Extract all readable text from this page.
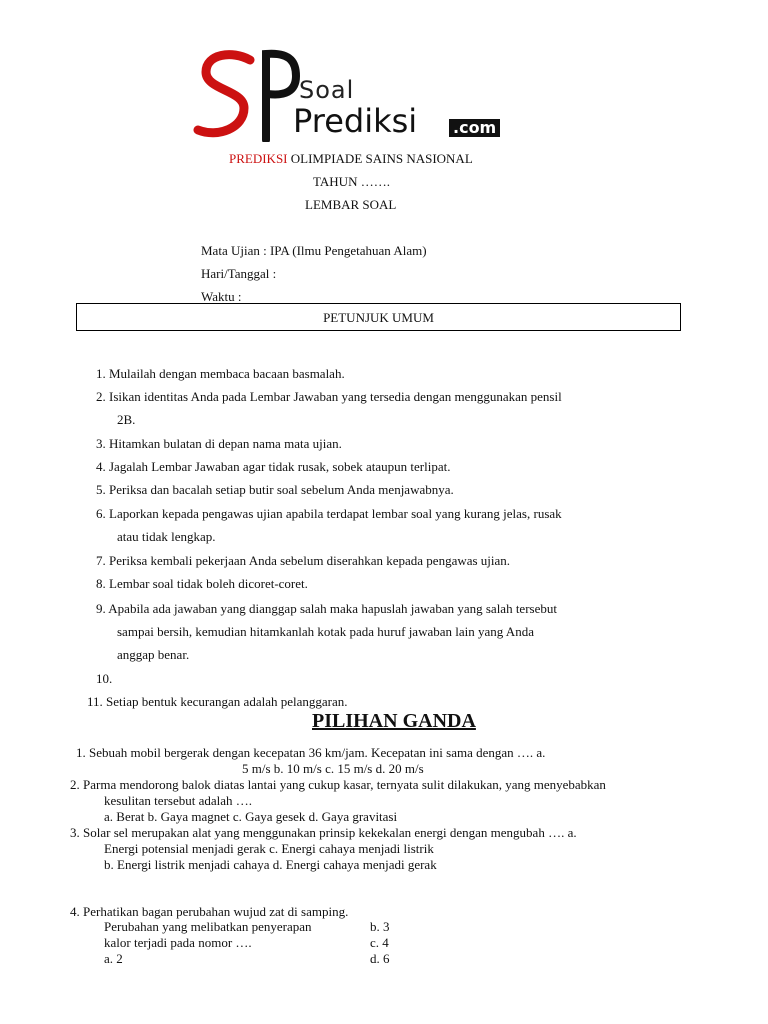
Soal
Prediksi .com
PREDIKSI OLIMPIADE SAINS NASIONAL
TAHUN …….
LEMBAR SOAL
Mata Ujian : IPA (Ilmu Pengetahuan Alam)
Hari/Tanggal :
Waktu :
PETUNJUK UMUM
1. Mulailah dengan membaca bacaan basmalah.
2. Isikan identitas Anda pada Lembar Jawaban yang tersedia dengan menggunakan pensil
2B.
3. Hitamkan bulatan di depan nama mata ujian.
4. Jagalah Lembar Jawaban agar tidak rusak, sobek ataupun terlipat.
5. Periksa dan bacalah setiap butir soal sebelum Anda menjawabnya.
6. Laporkan kepada pengawas ujian apabila terdapat lembar soal yang kurang jelas, rusak
atau tidak lengkap.
7. Periksa kembali pekerjaan Anda sebelum diserahkan kepada pengawas ujian.
8. Lembar soal tidak boleh dicoret-coret.
9. Apabila ada jawaban yang dianggap salah maka hapuslah jawaban yang salah tersebut
sampai bersih, kemudian hitamkanlah kotak pada huruf jawaban lain yang Anda
anggap benar.
10.
11. Setiap bentuk kecurangan adalah pelanggaran.
PILIHAN GANDA
1. Sebuah mobil bergerak dengan kecepatan 36 km/jam. Kecepatan ini sama dengan …. a.
5 m/s b. 10 m/s c. 15 m/s d. 20 m/s
2. Parma mendorong balok diatas lantai yang cukup kasar, ternyata sulit dilakukan, yang menyebabkan
kesulitan tersebut adalah ….
a. Berat b. Gaya magnet c. Gaya gesek d. Gaya gravitasi
3. Solar sel merupakan alat yang menggunakan prinsip kekekalan energi dengan mengubah …. a.
Energi potensial menjadi gerak c. Energi cahaya menjadi listrik
b. Energi listrik menjadi cahaya d. Energi cahaya menjadi gerak
4. Perhatikan bagan perubahan wujud zat di samping.
Perubahan yang melibatkan penyerapan	b. 3
kalor terjadi pada nomor ….	c. 4
a. 2	d. 6
